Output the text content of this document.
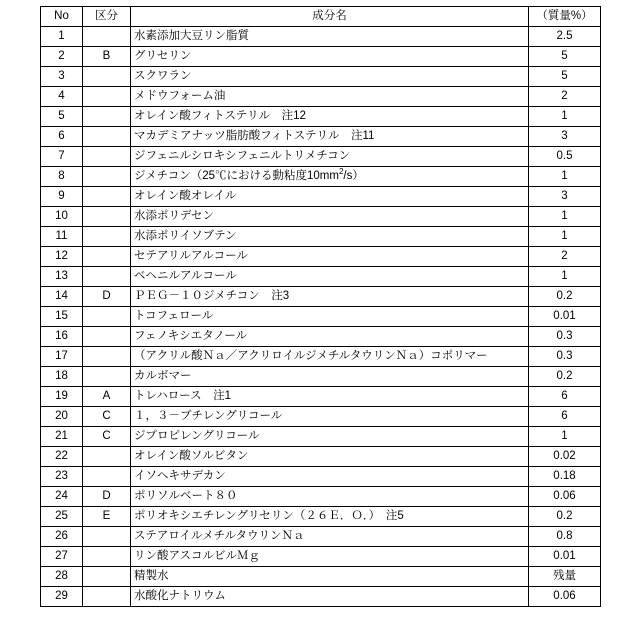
No	区分	成分名	（質量%）
1		水素添加大豆リン脂質	2.5
2	B	グリセリン	5
3		スクワラン	5
4		メドウフォーム油	2
5		オレイン酸フィトステリル　注12	1
6		マカデミアナッツ脂肪酸フィトステリル　注11	3
7		ジフェニルシロキシフェニルトリメチコン	0.5
8		ジメチコン（25℃における動粘度$10mm^2/s$）	1
9		オレイン酸オレイル	3
10		水添ポリデセン	1
11		水添ポリイソブテン	1
12		セテアリルアルコール	2
13		ベヘニルアルコール	1
14	D	ＰＥＧ－１０ジメチコン　注3	0.2
15		トコフェロール	0.01
16		フェノキシエタノール	0.3
17		（アクリル酸Ｎａ／アクリロイルジメチルタウリンＮａ）コポリマー	0.3
18		カルボマー	0.2
19	A	トレハロース　注1	6
20	C	１，３－ブチレングリコール	6
21	C	ジプロピレングリコール	1
22		オレイン酸ソルビタン	0.02
23		イソヘキサデカン	0.18
24	D	ポリソルベート８０	0.06
25	E	ポリオキシエチレングリセリン（２６Ｅ．Ｏ．）　注5	0.2
26		ステアロイルメチルタウリンＮａ	0.8
27		リン酸アスコルビルＭｇ	0.01
28		精製水	残量
29		水酸化ナトリウム	0.06
